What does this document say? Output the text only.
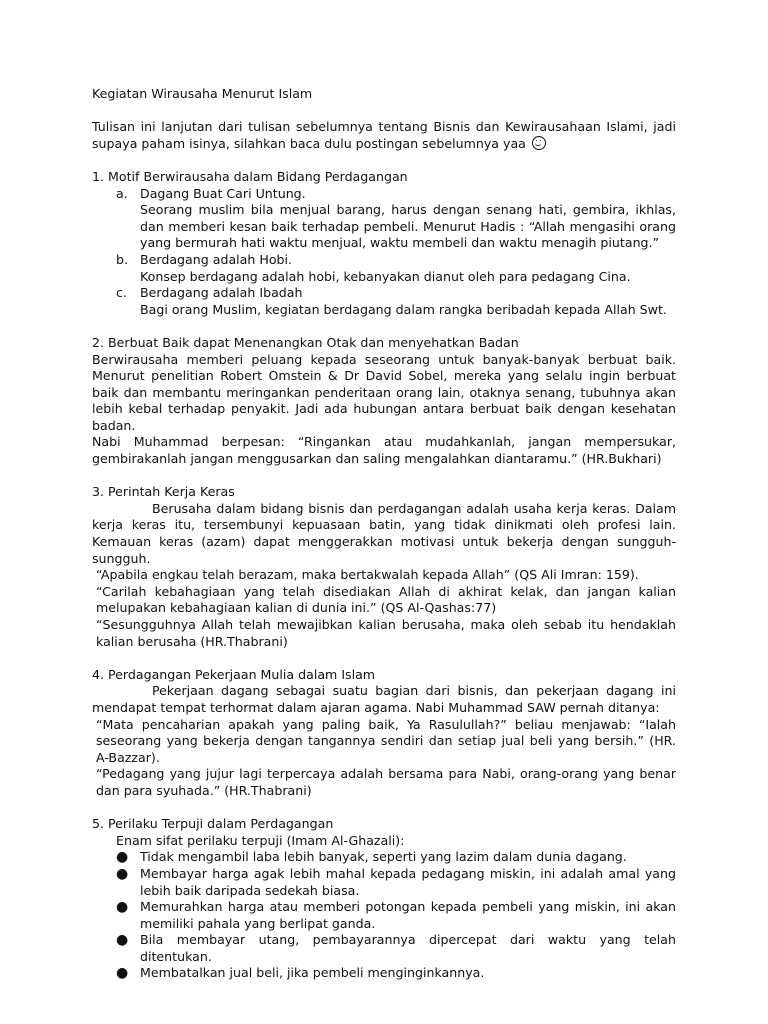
Kegiatan Wirausaha Menurut Islam

Tulisan ini lanjutan dari tulisan sebelumnya tentang Bisnis dan Kewirausahaan Islami, jadi supaya paham isinya, silahkan baca dulu postingan sebelumnya yaa

1. Motif Berwirausaha dalam Bidang Perdagangan

a. Dagang Buat Cari Untung.

Seorang muslim bila menjual barang, harus dengan senang hati, gembira, ikhlas, dan memberi kesan baik terhadap pembeli. Menurut Hadis : “Allah mengasihi orang yang bermurah hati waktu menjual, waktu membeli dan waktu menagih piutang.”

b. Berdagang adalah Hobi.

Konsep berdagang adalah hobi, kebanyakan dianut oleh para pedagang Cina.

c.	Berdagang adalah Ibadah

Bagi orang Muslim, kegiatan berdagang dalam rangka beribadah kepada Allah Swt.

2. Berbuat Baik dapat Menenangkan Otak dan menyehatkan Badan

Berwirausaha memberi peluang kepada seseorang untuk banyak-banyak berbuat baik. Menurut penelitian Robert Omstein & Dr David Sobel, mereka yang selalu ingin berbuat baik dan membantu meringankan penderitaan orang lain, otaknya senang, tubuhnya akan lebih kebal terhadap penyakit. Jadi ada hubungan antara berbuat baik dengan kesehatan badan.

Nabi Muhammad berpesan: “Ringankan atau mudahkanlah, jangan mempersukar, gembirakanlah jangan menggusarkan dan saling mengalahkan diantaramu.” (HR.Bukhari)

3. Perintah Kerja Keras

Berusaha dalam bidang bisnis dan perdagangan adalah usaha kerja keras. Dalam kerja keras itu, tersembunyi kepuasaan batin, yang tidak dinikmati oleh profesi lain. Kemauan keras (azam) dapat menggerakkan motivasi untuk bekerja dengan sungguh-sungguh.

“Apabila engkau telah berazam, maka bertakwalah kepada Allah” (QS Ali Imran: 159).

“Carilah kebahagiaan yang telah disediakan Allah di akhirat kelak, dan jangan kalian melupakan kebahagiaan kalian di dunia ini.” (QS Al-Qashas:77)

“Sesungguhnya Allah telah mewajibkan kalian berusaha, maka oleh sebab itu hendaklah kalian berusaha (HR.Thabrani)

4. Perdagangan Pekerjaan Mulia dalam Islam

Pekerjaan dagang sebagai suatu bagian dari bisnis, dan pekerjaan dagang ini mendapat tempat terhormat dalam ajaran agama. Nabi Muhammad SAW pernah ditanya:

“Mata pencaharian apakah yang paling baik, Ya Rasulullah?” beliau menjawab: “Ialah seseorang yang bekerja dengan tangannya sendiri dan setiap jual beli yang bersih.” (HR. A-Bazzar).

“Pedagang yang jujur lagi terpercaya adalah bersama para Nabi, orang-orang yang benar dan para syuhada.” (HR.Thabrani)

5. Perilaku Terpuji dalam Perdagangan

Enam sifat perilaku terpuji (Imam Al-Ghazali):

● Tidak mengambil laba lebih banyak, seperti yang lazim dalam dunia dagang.
● Membayar harga agak lebih mahal kepada pedagang miskin, ini adalah amal yang lebih baik daripada sedekah biasa.
● Memurahkan harga atau memberi potongan kepada pembeli yang miskin, ini akan memiliki pahala yang berlipat ganda.
● Bila membayar utang, pembayarannya dipercepat dari waktu yang telah ditentukan.
● Membatalkan jual beli, jika pembeli menginginkannya.
